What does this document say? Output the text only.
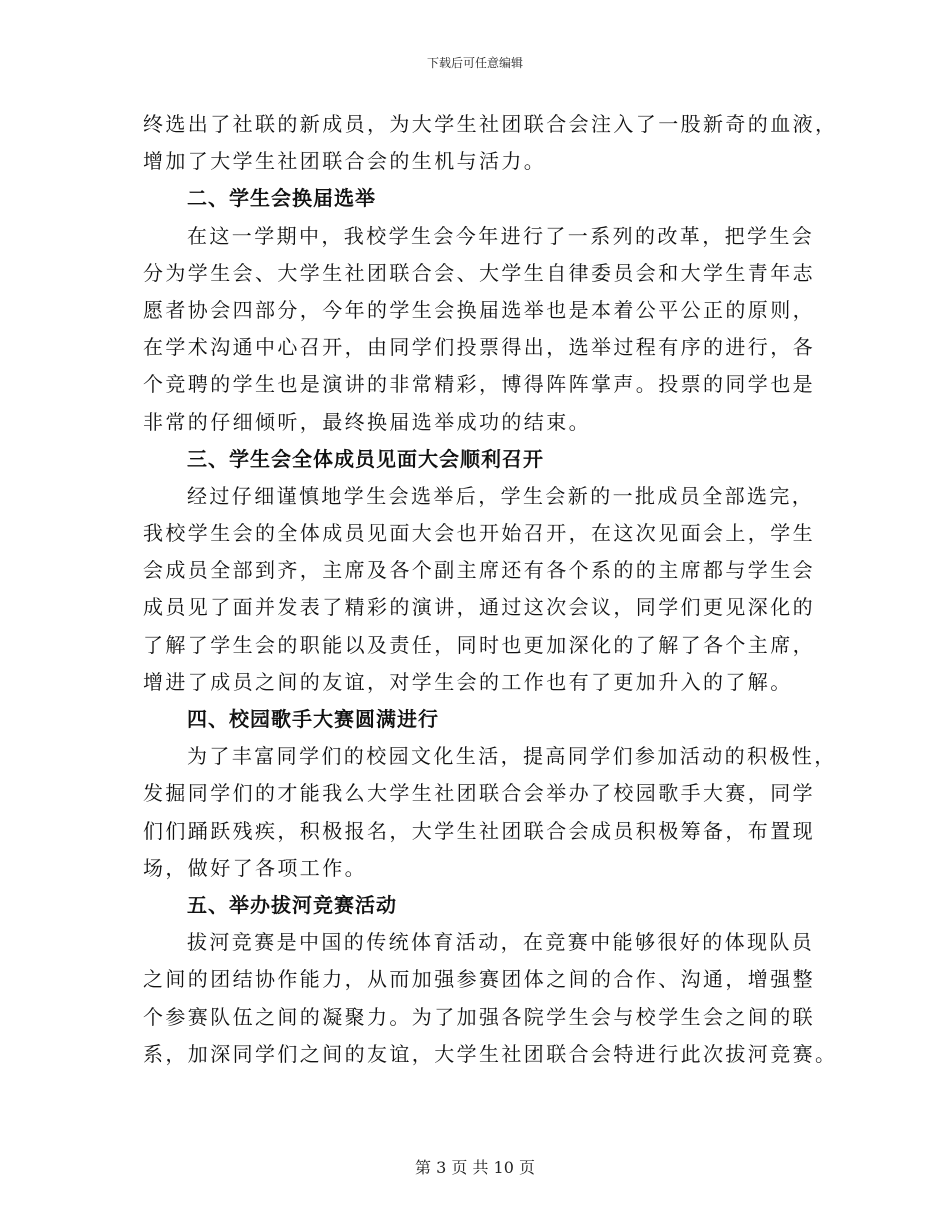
下载后可任意编辑
终选出了社联的新成员，为大学生社团联合会注入了一股新奇的血液，
增加了大学生社团联合会的生机与活力。
二、学生会换届选举
在这一学期中，我校学生会今年进行了一系列的改革，把学生会
分为学生会、大学生社团联合会、大学生自律委员会和大学生青年志
愿者协会四部分，今年的学生会换届选举也是本着公平公正的原则，
在学术沟通中心召开，由同学们投票得出，选举过程有序的进行，各
个竞聘的学生也是演讲的非常精彩，博得阵阵掌声。投票的同学也是
非常的仔细倾听，最终换届选举成功的结束。
三、学生会全体成员见面大会顺利召开
经过仔细谨慎地学生会选举后，学生会新的一批成员全部选完，
我校学生会的全体成员见面大会也开始召开，在这次见面会上，学生
会成员全部到齐，主席及各个副主席还有各个系的的主席都与学生会
成员见了面并发表了精彩的演讲，通过这次会议，同学们更见深化的
了解了学生会的职能以及责任，同时也更加深化的了解了各个主席，
增进了成员之间的友谊，对学生会的工作也有了更加升入的了解。
四、校园歌手大赛圆满进行
为了丰富同学们的校园文化生活，提高同学们参加活动的积极性，
发掘同学们的才能我么大学生社团联合会举办了校园歌手大赛，同学
们们踊跃残疾，积极报名，大学生社团联合会成员积极筹备，布置现
场，做好了各项工作。
五、举办拔河竞赛活动
拔河竞赛是中国的传统体育活动，在竞赛中能够很好的体现队员
之间的团结协作能力，从而加强参赛团体之间的合作、沟通，增强整
个参赛队伍之间的凝聚力。为了加强各院学生会与校学生会之间的联
系，加深同学们之间的友谊，大学生社团联合会特进行此次拔河竞赛。
第 3 页 共 10 页
